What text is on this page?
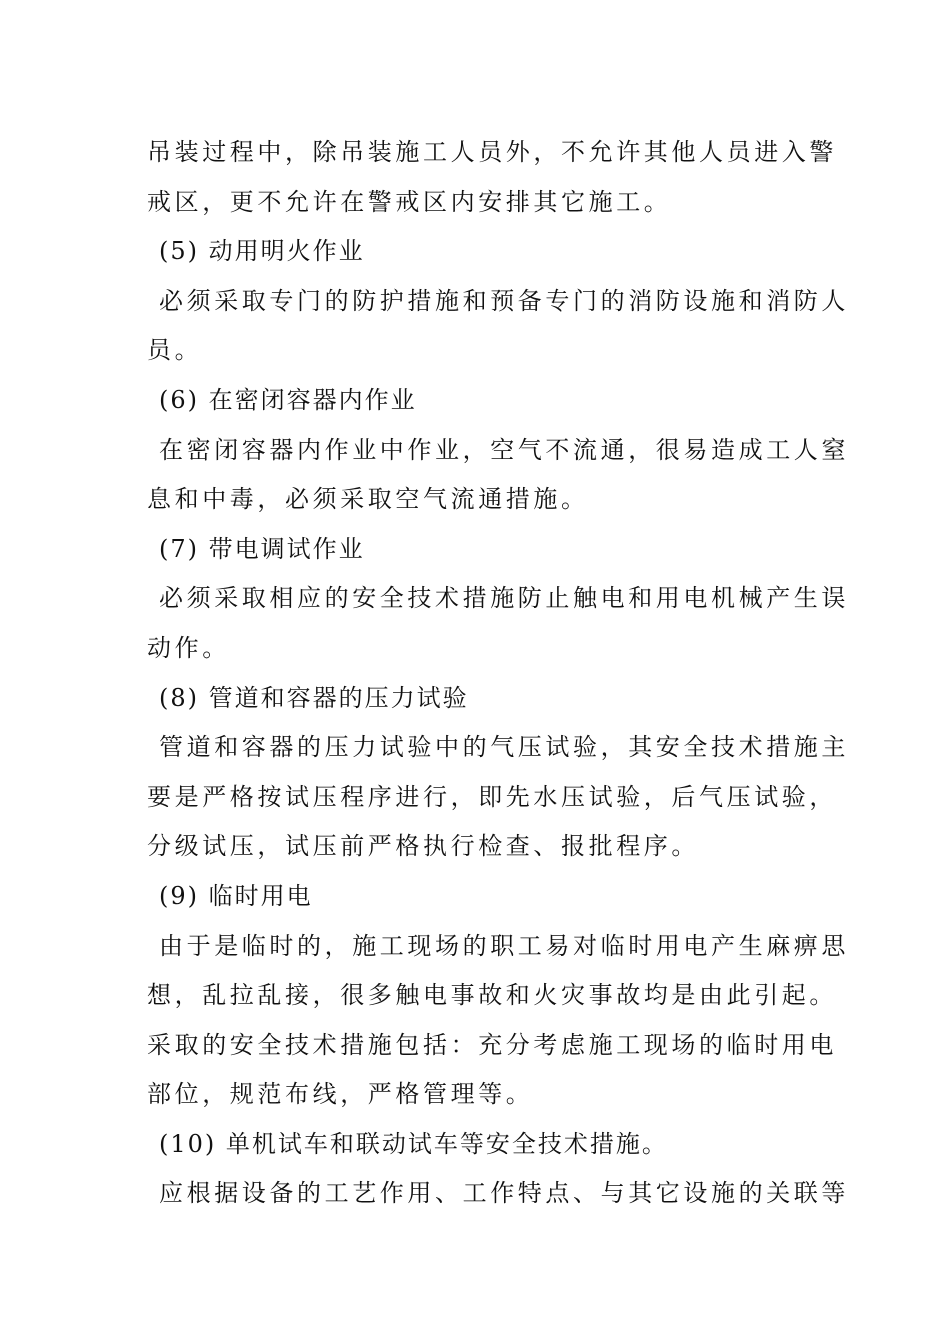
吊装过程中，除吊装施工人员外，不允许其他人员进入警
戒区，更不允许在警戒区内安排其它施工。
(5) 动用明火作业
必须采取专门的防护措施和预备专门的消防设施和消防人
员。
(6) 在密闭容器内作业
在密闭容器内作业中作业，空气不流通，很易造成工人窒
息和中毒，必须采取空气流通措施。
(7) 带电调试作业
必须采取相应的安全技术措施防止触电和用电机械产生误
动作。
(8) 管道和容器的压力试验
管道和容器的压力试验中的气压试验，其安全技术措施主
要是严格按试压程序进行，即先水压试验，后气压试验，
分级试压，试压前严格执行检查、报批程序。
(9) 临时用电
由于是临时的，施工现场的职工易对临时用电产生麻痹思
想，乱拉乱接，很多触电事故和火灾事故均是由此引起。
采取的安全技术措施包括：充分考虑施工现场的临时用电
部位，规范布线，严格管理等。
(10) 单机试车和联动试车等安全技术措施。
应根据设备的工艺作用、工作特点、与其它设施的关联等
